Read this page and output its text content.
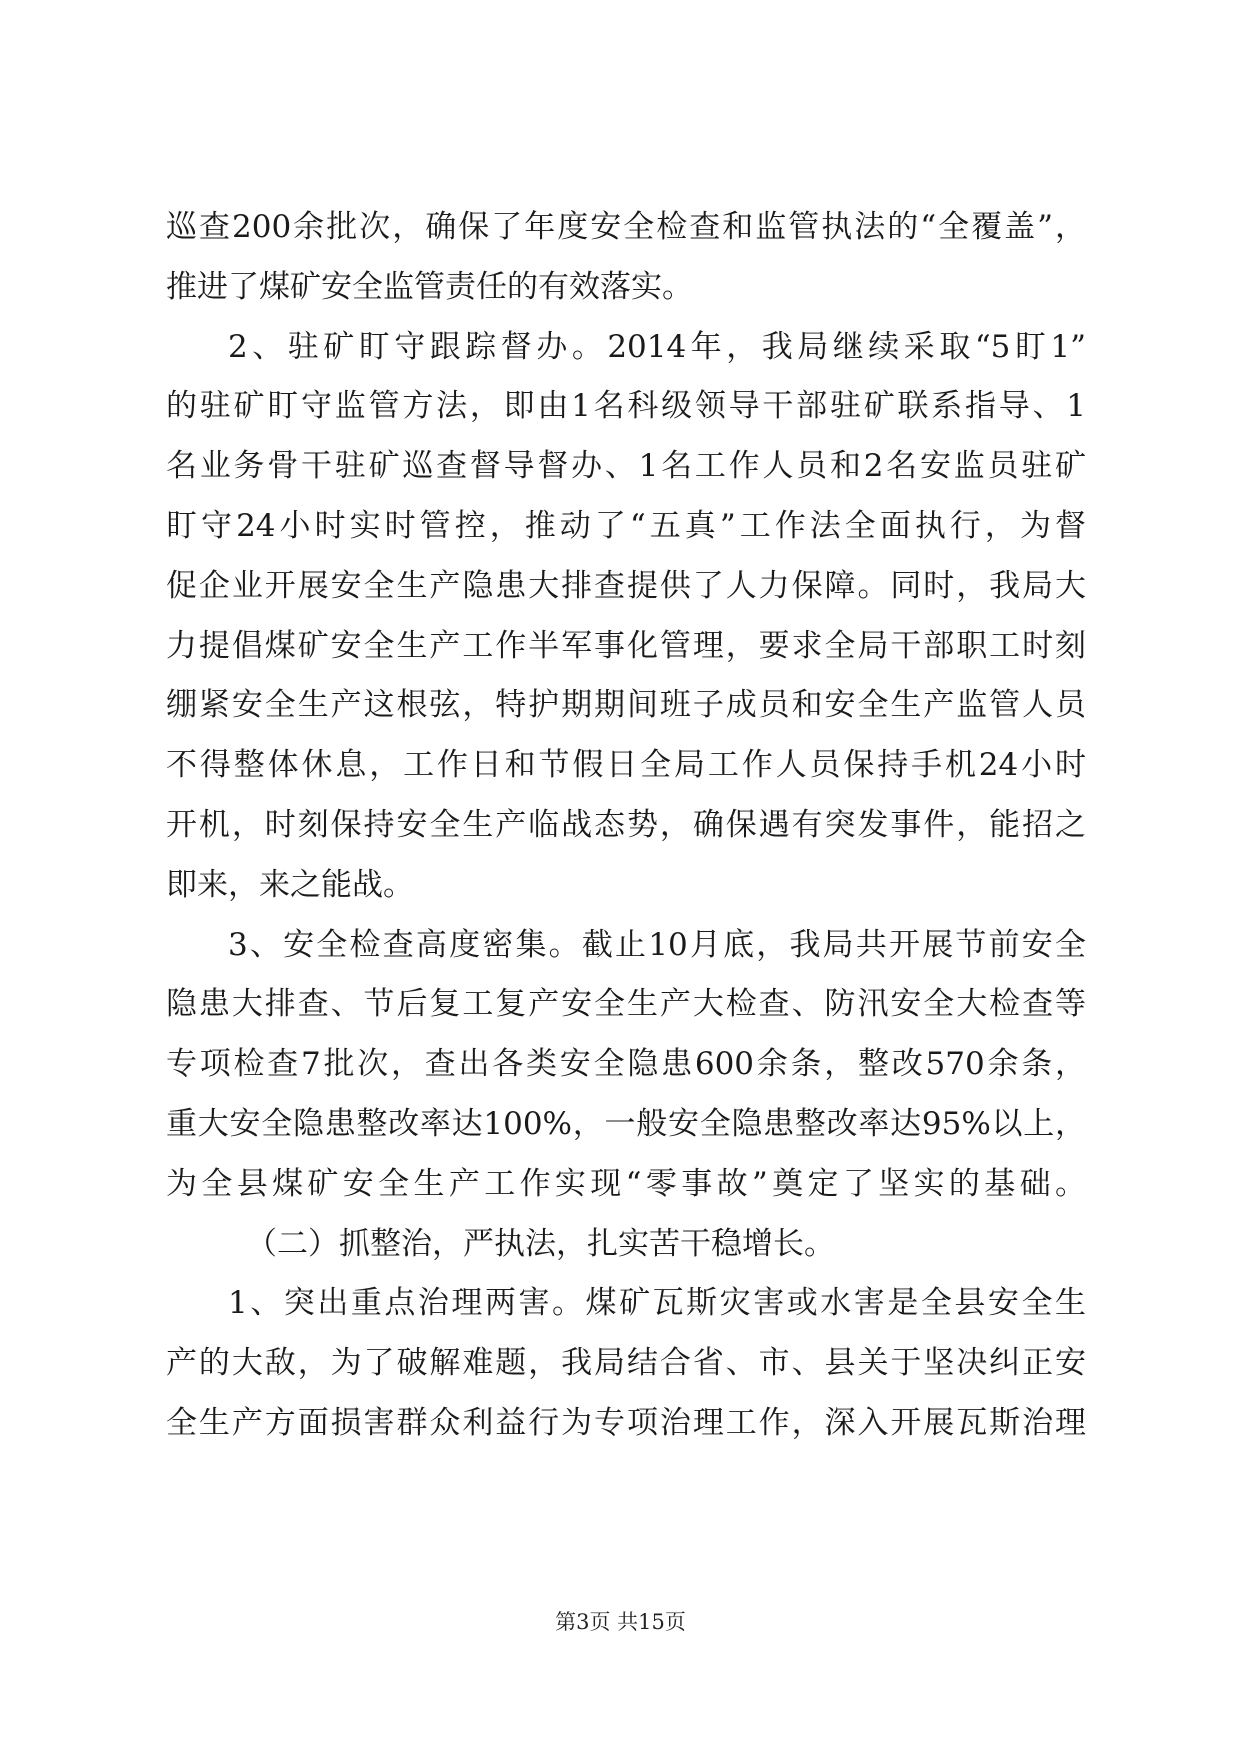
巡查200余批次，确保了年度安全检查和监管执法的“全覆盖”，
推进了煤矿安全监管责任的有效落实。
2、驻矿盯守跟踪督办。2014年，我局继续采取“5盯1”
的驻矿盯守监管方法，即由1名科级领导干部驻矿联系指导、1
名业务骨干驻矿巡查督导督办、1名工作人员和2名安监员驻矿
盯守24小时实时管控，推动了“五真”工作法全面执行，为督
促企业开展安全生产隐患大排查提供了人力保障。同时，我局大
力提倡煤矿安全生产工作半军事化管理，要求全局干部职工时刻
绷紧安全生产这根弦，特护期期间班子成员和安全生产监管人员
不得整体休息，工作日和节假日全局工作人员保持手机24小时
开机，时刻保持安全生产临战态势，确保遇有突发事件，能招之
即来，来之能战。
3、安全检查高度密集。截止10月底，我局共开展节前安全
隐患大排查、节后复工复产安全生产大检查、防汛安全大检查等
专项检查7批次，查出各类安全隐患600余条，整改570余条，
重大安全隐患整改率达100%，一般安全隐患整改率达95%以上，
为全县煤矿安全生产工作实现“零事故”奠定了坚实的基础。
（二）抓整治，严执法，扎实苦干稳增长。
1、突出重点治理两害。煤矿瓦斯灾害或水害是全县安全生
产的大敌，为了破解难题，我局结合省、市、县关于坚决纠正安
全生产方面损害群众利益行为专项治理工作，深入开展瓦斯治理
第3页 共15页
